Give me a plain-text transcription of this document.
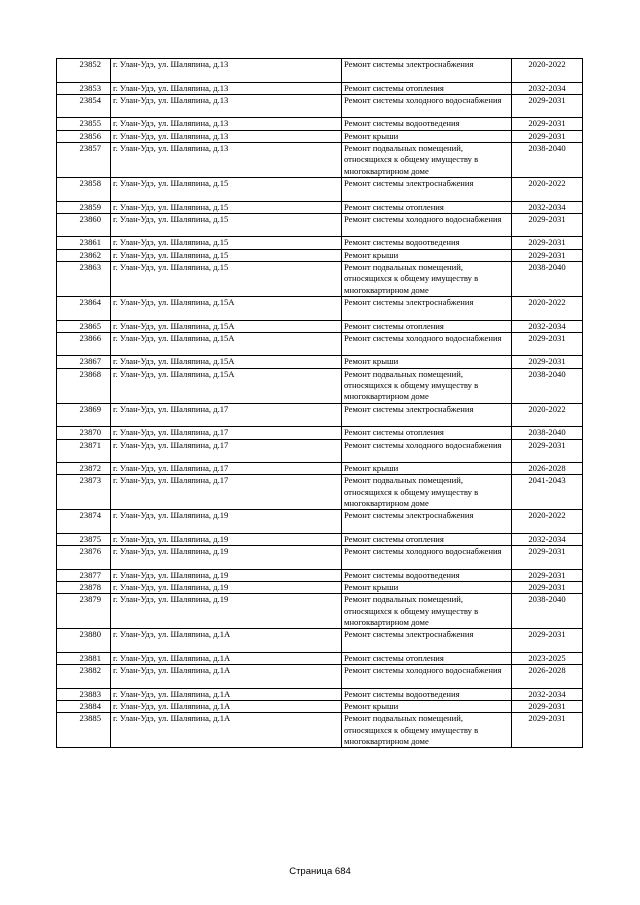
23852	г. Улан-Удэ, ул. Шаляпина, д.13	Ремонт системы электроснабжения	2020-2022
23853	г. Улан-Удэ, ул. Шаляпина, д.13	Ремонт системы отопления	2032-2034
23854	г. Улан-Удэ, ул. Шаляпина, д.13	Ремонт системы холодного водоснабжения	2029-2031
23855	г. Улан-Удэ, ул. Шаляпина, д.13	Ремонт системы водоотведения	2029-2031
23856	г. Улан-Удэ, ул. Шаляпина, д.13	Ремонт крыши	2029-2031
23857	г. Улан-Удэ, ул. Шаляпина, д.13	Ремонт подвальных помещений, относящихся к общему имуществу в многоквартирном доме	2038-2040
23858	г. Улан-Удэ, ул. Шаляпина, д.15	Ремонт системы электроснабжения	2020-2022
23859	г. Улан-Удэ, ул. Шаляпина, д.15	Ремонт системы отопления	2032-2034
23860	г. Улан-Удэ, ул. Шаляпина, д.15	Ремонт системы холодного водоснабжения	2029-2031
23861	г. Улан-Удэ, ул. Шаляпина, д.15	Ремонт системы водоотведения	2029-2031
23862	г. Улан-Удэ, ул. Шаляпина, д.15	Ремонт крыши	2029-2031
23863	г. Улан-Удэ, ул. Шаляпина, д.15	Ремонт подвальных помещений, относящихся к общему имуществу в многоквартирном доме	2038-2040
23864	г. Улан-Удэ, ул. Шаляпина, д.15А	Ремонт системы электроснабжения	2020-2022
23865	г. Улан-Удэ, ул. Шаляпина, д.15А	Ремонт системы отопления	2032-2034
23866	г. Улан-Удэ, ул. Шаляпина, д.15А	Ремонт системы холодного водоснабжения	2029-2031
23867	г. Улан-Удэ, ул. Шаляпина, д.15А	Ремонт крыши	2029-2031
23868	г. Улан-Удэ, ул. Шаляпина, д.15А	Ремонт подвальных помещений, относящихся к общему имуществу в многоквартирном доме	2038-2040
23869	г. Улан-Удэ, ул. Шаляпина, д.17	Ремонт системы электроснабжения	2020-2022
23870	г. Улан-Удэ, ул. Шаляпина, д.17	Ремонт системы отопления	2038-2040
23871	г. Улан-Удэ, ул. Шаляпина, д.17	Ремонт системы холодного водоснабжения	2029-2031
23872	г. Улан-Удэ, ул. Шаляпина, д.17	Ремонт крыши	2026-2028
23873	г. Улан-Удэ, ул. Шаляпина, д.17	Ремонт подвальных помещений, относящихся к общему имуществу в многоквартирном доме	2041-2043
23874	г. Улан-Удэ, ул. Шаляпина, д.19	Ремонт системы электроснабжения	2020-2022
23875	г. Улан-Удэ, ул. Шаляпина, д.19	Ремонт системы отопления	2032-2034
23876	г. Улан-Удэ, ул. Шаляпина, д.19	Ремонт системы холодного водоснабжения	2029-2031
23877	г. Улан-Удэ, ул. Шаляпина, д.19	Ремонт системы водоотведения	2029-2031
23878	г. Улан-Удэ, ул. Шаляпина, д.19	Ремонт крыши	2029-2031
23879	г. Улан-Удэ, ул. Шаляпина, д.19	Ремонт подвальных помещений, относящихся к общему имуществу в многоквартирном доме	2038-2040
23880	г. Улан-Удэ, ул. Шаляпина, д.1А	Ремонт системы электроснабжения	2029-2031
23881	г. Улан-Удэ, ул. Шаляпина, д.1А	Ремонт системы отопления	2023-2025
23882	г. Улан-Удэ, ул. Шаляпина, д.1А	Ремонт системы холодного водоснабжения	2026-2028
23883	г. Улан-Удэ, ул. Шаляпина, д.1А	Ремонт системы водоотведения	2032-2034
23884	г. Улан-Удэ, ул. Шаляпина, д.1А	Ремонт крыши	2029-2031
23885	г. Улан-Удэ, ул. Шаляпина, д.1А	Ремонт подвальных помещений, относящихся к общему имуществу в многоквартирном доме	2029-2031
Страница 684
